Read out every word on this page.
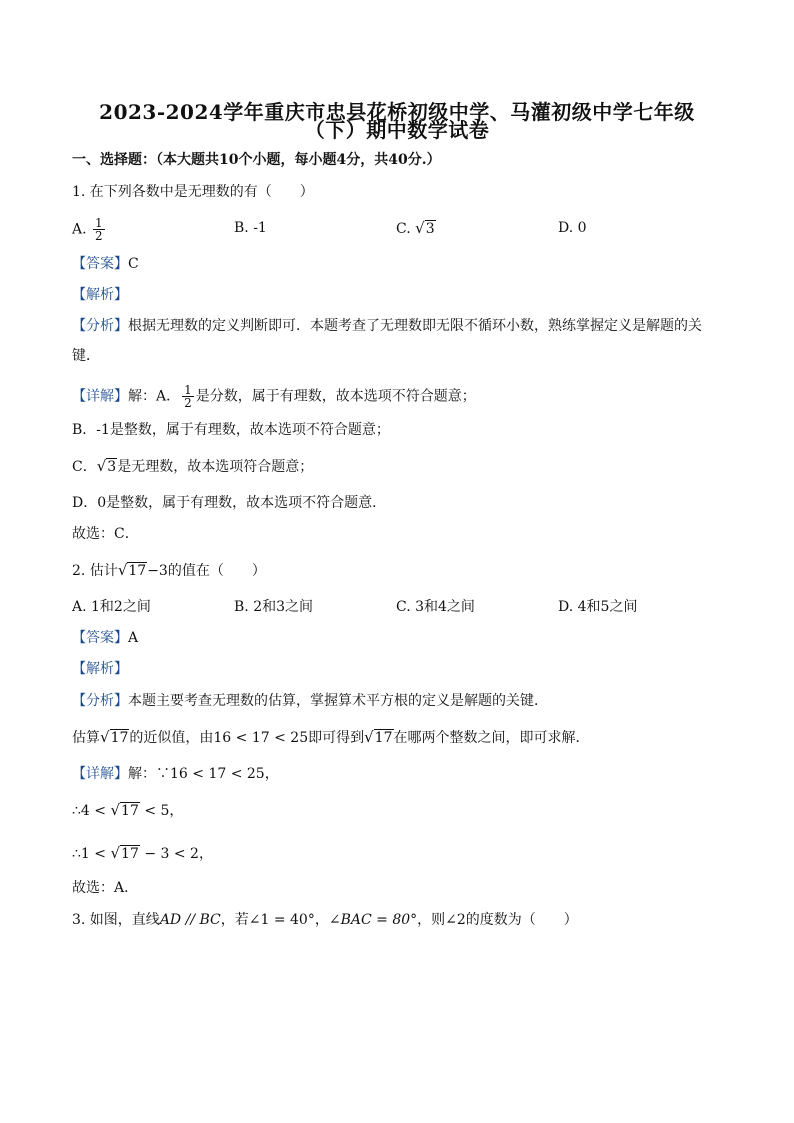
2023-2024学年重庆市忠县花桥初级中学、马灌初级中学七年级
（下）期中数学试卷
一、选择题：（本大题共10个小题，每小题4分，共40分.）
1. 在下列各数中是无理数的有（　　）
A. $\frac{1}{2}$	B. -1	C. √3	D. 0
【答案】C
【解析】
【分析】根据无理数的定义判断即可．本题考查了无理数即无限不循环小数，熟练掌握定义是解题的关
键．
【详解】解：A． $\frac{1}{2}$ 是分数，属于有理数，故本选项不符合题意；
B．-1是整数，属于有理数，故本选项不符合题意；
C．√3是无理数，故本选项符合题意；
D．0是整数，属于有理数，故本选项不符合题意．
故选：C．
2. 估计√17−3的值在（　　）
A. 1和2之间	B. 2和3之间	C. 3和4之间	D. 4和5之间
【答案】A
【解析】
【分析】本题主要考查无理数的估算，掌握算术平方根的定义是解题的关键．
估算√17的近似值，由16 < 17 < 25即可得到√17在哪两个整数之间，即可求解．
【详解】解：∵16 < 17 < 25，
∴4 < √17 < 5，
∴1 < √17 − 3 < 2，
故选：A．
3. 如图，直线AD // BC，若∠1 = 40°，∠BAC = 80°，则∠2的度数为（　　）
